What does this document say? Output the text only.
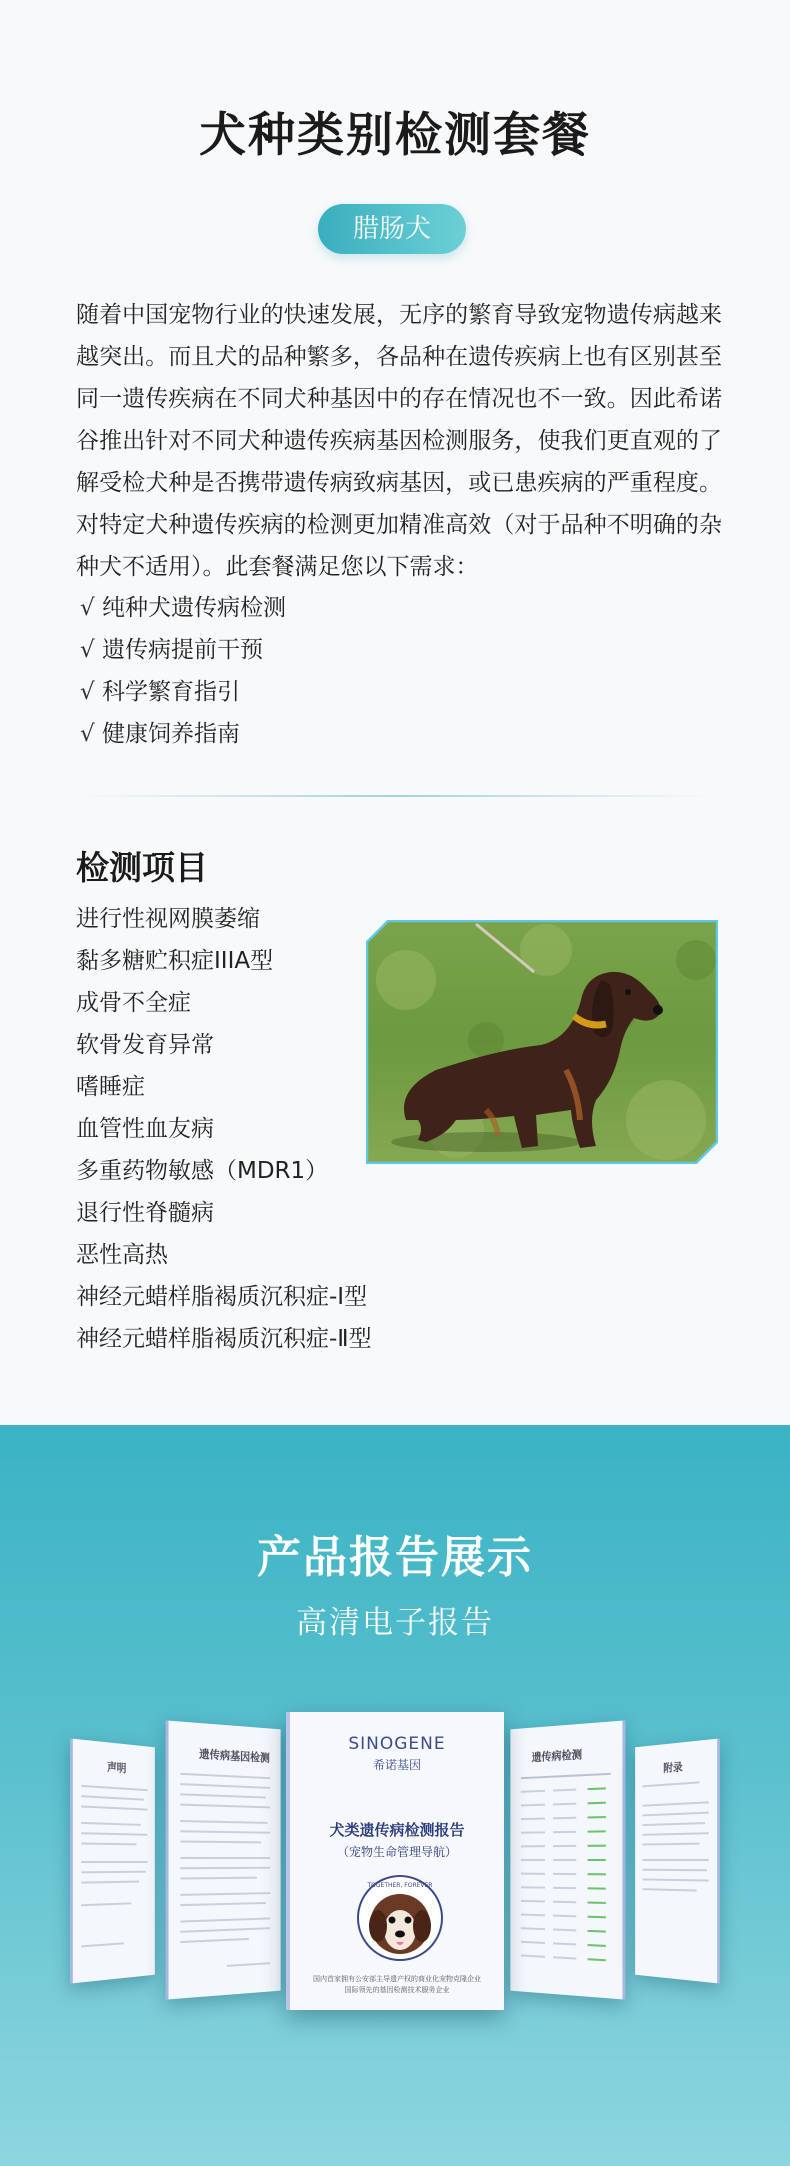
犬种类别检测套餐
腊肠犬

随着中国宠物行业的快速发展，无序的繁育导致宠物遗传病越来越突出。而且犬的品种繁多，各品种在遗传疾病上也有区别甚至同一遗传疾病在不同犬种基因中的存在情况也不一致。因此希诺谷推出针对不同犬种遗传疾病基因检测服务，使我们更直观的了解受检犬种是否携带遗传病致病基因，或已患疾病的严重程度。对特定犬种遗传疾病的检测更加精准高效（对于品种不明确的杂种犬不适用）。此套餐满足您以下需求：

√ 纯种犬遗传病检测
√ 遗传病提前干预
√ 科学繁育指引
√ 健康饲养指南
检测项目
进行性视网膜萎缩
黏多糖贮积症IIIA型
成骨不全症
软骨发育异常
嗜睡症
血管性血友病
多重药物敏感（MDR1）
退行性脊髓病
恶性高热
神经元蜡样脂褐质沉积症-Ⅰ型
神经元蜡样脂褐质沉积症-Ⅱ型
产品报告展示
高清电子报告
声明
遗传病基因检测	遗传病检测
附录
SINOGENE
希诺基因
犬类遗传病检测报告
（宠物生命管理导航）
TOGETHER, FOREVER
国内首家拥有公安部主导遗产权的商业化宠物克隆企业
国际领先的基因检测技术服务企业
